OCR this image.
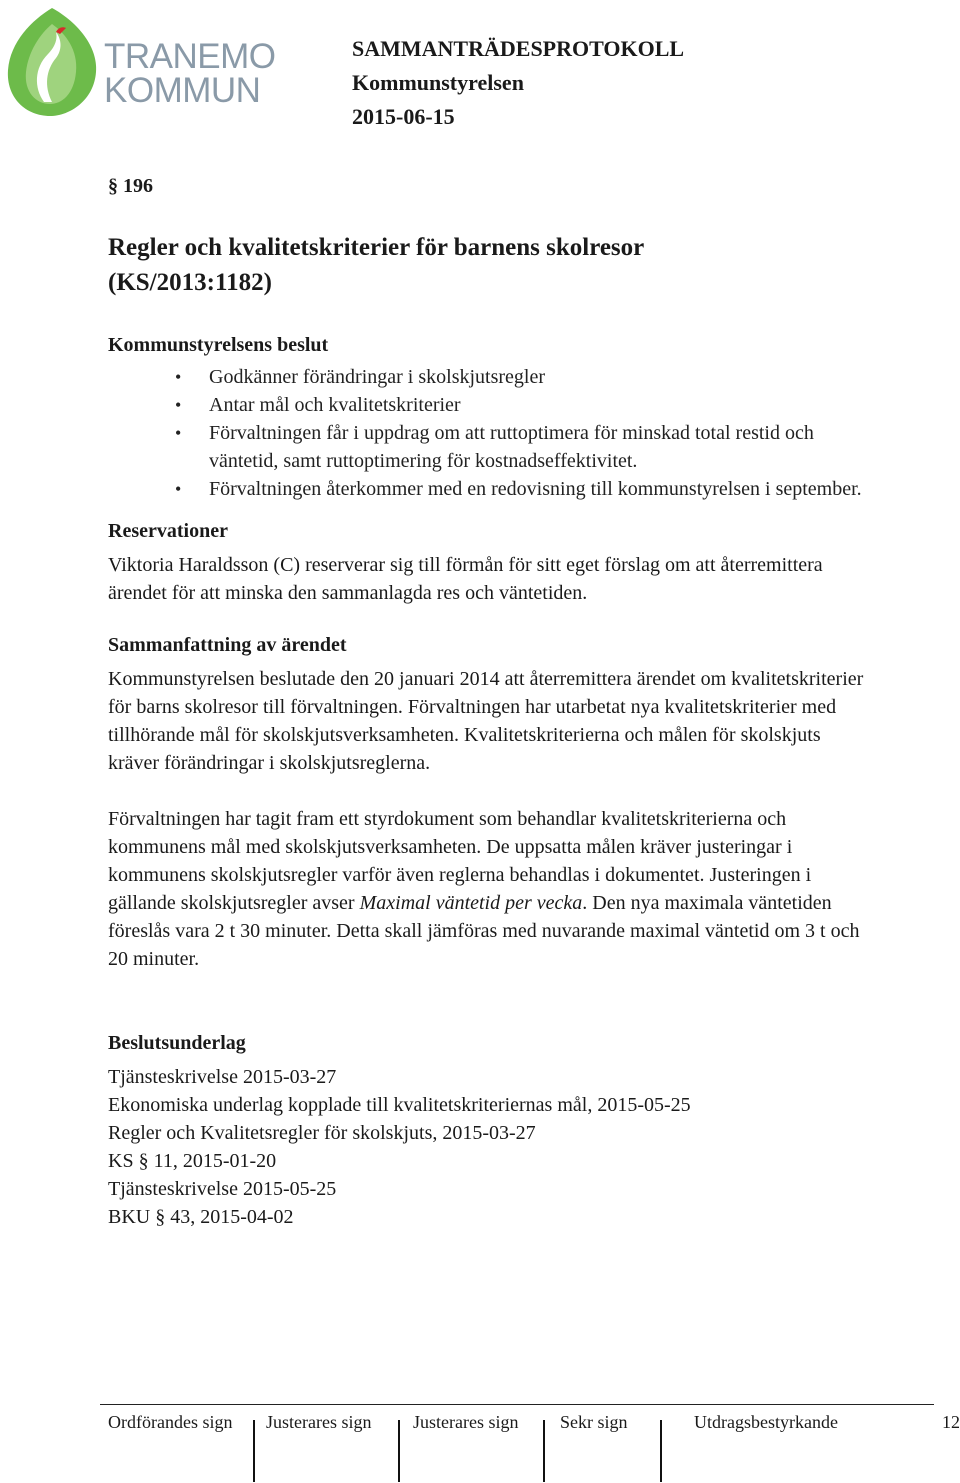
TRANEMO
KOMMUN
SAMMANTRÄDESPROTOKOLL
Kommunstyrelsen
2015-06-15
§ 196
Regler och kvalitetskriterier för barnens skolresor
(KS/2013:1182)
Kommunstyrelsens beslut
• Godkänner förändringar i skolskjutsregler
• Antar mål och kvalitetskriterier
• Förvaltningen får i uppdrag om att ruttoptimera för minskad total restid och väntetid, samt ruttoptimering för kostnadseffektivitet.
• Förvaltningen återkommer med en redovisning till kommunstyrelsen i september.
Reservationer

Viktoria Haraldsson (C) reserverar sig till förmån för sitt eget förslag om att återremittera ärendet för att minska den sammanlagda res och väntetiden.

Sammanfattning av ärendet

Kommunstyrelsen beslutade den 20 januari 2014 att återremittera ärendet om kvalitetskriterier för barns skolresor till förvaltningen. Förvaltningen har utarbetat nya kvalitetskriterier med tillhörande mål för skolskjutsverksamheten. Kvalitetskriterierna och målen för skolskjuts kräver förändringar i skolskjutsreglerna.

Förvaltningen har tagit fram ett styrdokument som behandlar kvalitetskriterierna och kommunens mål med skolskjutsverksamheten. De uppsatta målen kräver justeringar i kommunens skolskjutsregler varför även reglerna behandlas i dokumentet. Justeringen i gällande skolskjutsregler avser Maximal väntetid per vecka. Den nya maximala väntetiden föreslås vara 2 t 30 minuter. Detta skall jämföras med nuvarande maximal väntetid om 3 t och 20 minuter.

Beslutsunderlag

Tjänsteskrivelse 2015-03-27

Ekonomiska underlag kopplade till kvalitetskriteriernas mål, 2015-05-25

Regler och Kvalitetsregler för skolskjuts, 2015-03-27

KS § 11, 2015-01-20

Tjänsteskrivelse 2015-05-25

BKU § 43, 2015-04-02

Ordförandes sign Justerares sign Justerares sign Sekr sign	Utdragsbestyrkande	12
